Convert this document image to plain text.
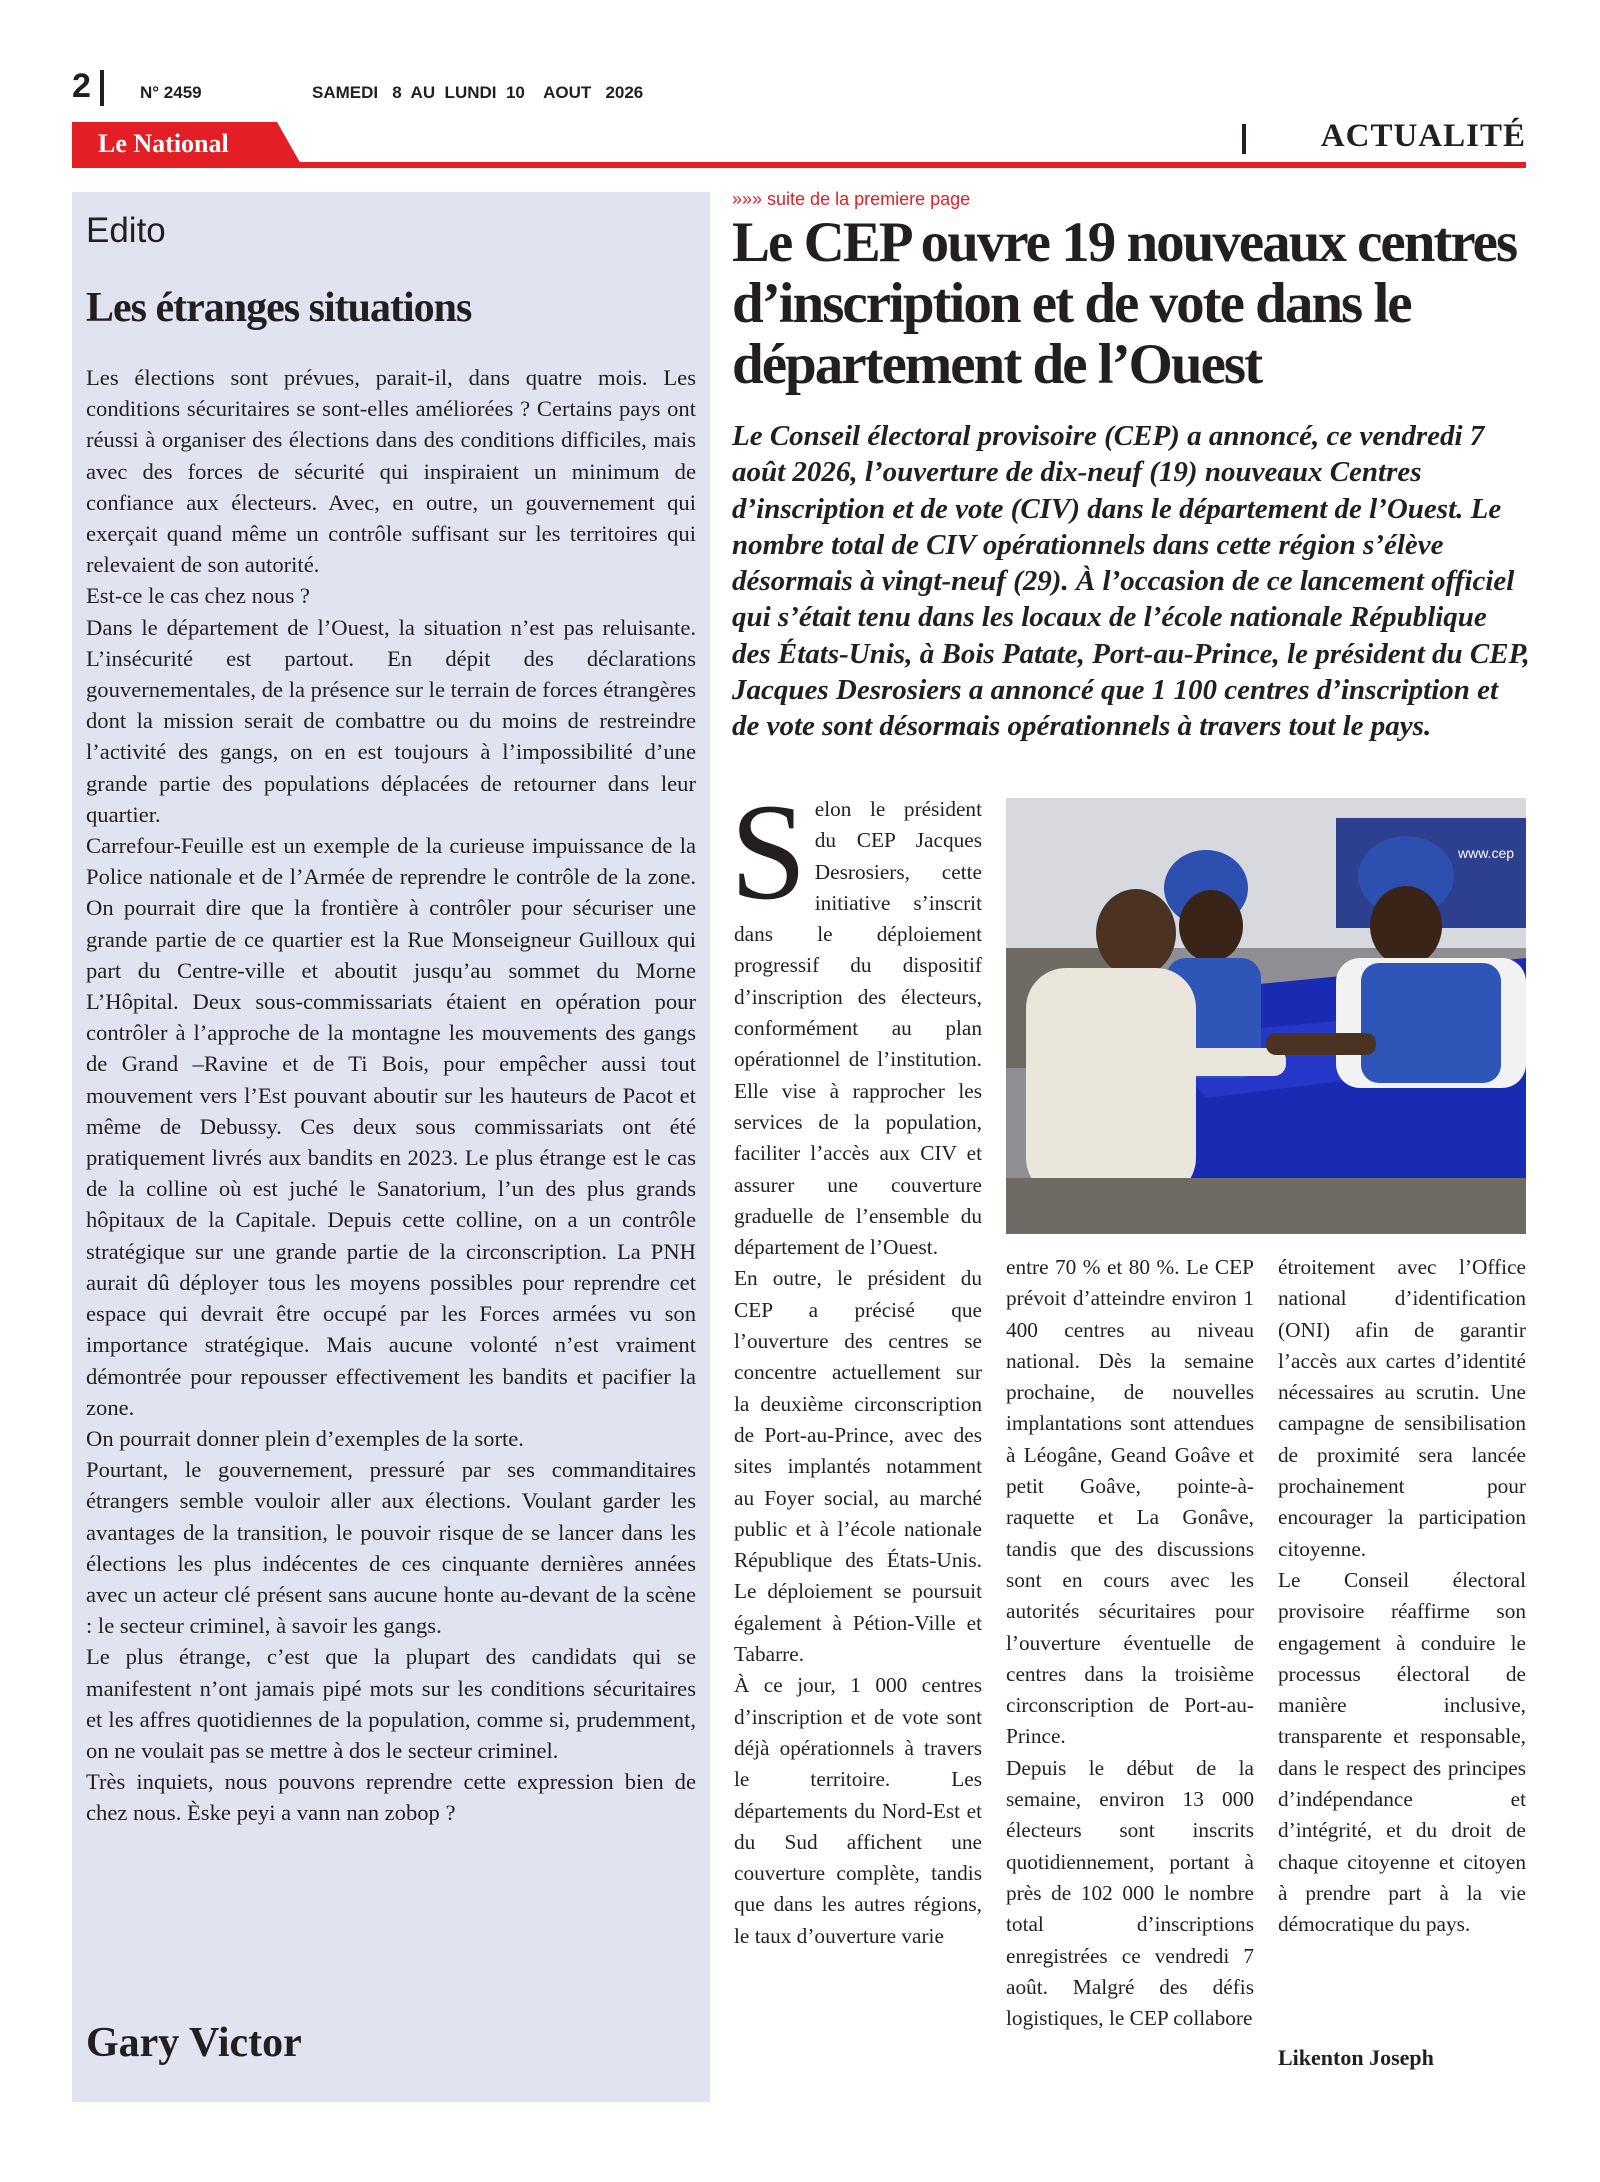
2	N° 2459	SAMEDI   8  AU  LUNDI  10    AOUT   2026
Le National	ACTUALITÉ
Edito
Les étranges situations

Les élections sont prévues, parait-il, dans quatre mois. Les conditions sécuritaires se sont-elles améliorées ? Certains pays ont réussi à organiser des élections dans des conditions difficiles, mais avec des forces de sécurité qui inspiraient un minimum de confiance aux électeurs. Avec, en outre, un gouvernement qui exerçait quand même un contrôle suffisant sur les territoires qui relevaient de son autorité.

Est-ce le cas chez nous ?

Dans le département de l’Ouest, la situation n’est pas reluisante. L’insécurité est partout. En dépit des déclarations gouvernementales, de la présence sur le terrain de forces étrangères dont la mission serait de combattre ou du moins de restreindre l’activité des gangs, on en est toujours à l’impossibilité d’une grande partie des populations déplacées de retourner dans leur quartier.

Carrefour-Feuille est un exemple de la curieuse impuissance de la Police nationale et de l’Armée de reprendre le contrôle de la zone. On pourrait dire que la frontière à contrôler pour sécuriser une grande partie de ce quartier est la Rue Monseigneur Guilloux qui part du Centre-ville et aboutit jusqu’au sommet du Morne L’Hôpital. Deux sous-commissariats étaient en opération pour contrôler à l’approche de la montagne les mouvements des gangs de Grand –Ravine et de Ti Bois, pour empêcher aussi tout mouvement vers l’Est pouvant aboutir sur les hauteurs de Pacot et même de Debussy. Ces deux sous commissariats ont été pratiquement livrés aux bandits en 2023. Le plus étrange est le cas de la colline où est juché le Sanatorium, l’un des plus grands hôpitaux de la Capitale. Depuis cette colline, on a un contrôle stratégique sur une grande partie de la circonscription. La PNH aurait dû déployer tous les moyens possibles pour reprendre cet espace qui devrait être occupé par les Forces armées vu son importance stratégique. Mais aucune volonté n’est vraiment démontrée pour repousser effectivement les bandits et pacifier la zone.

On pourrait donner plein d’exemples de la sorte.

Pourtant, le gouvernement, pressuré par ses commanditaires étrangers semble vouloir aller aux élections. Voulant garder les avantages de la transition, le pouvoir risque de se lancer dans les élections les plus indécentes de ces cinquante dernières années avec un acteur clé présent sans aucune honte au-devant de la scène : le secteur criminel, à savoir les gangs.

Le plus étrange, c’est que la plupart des candidats qui se manifestent n’ont jamais pipé mots sur les conditions sécuritaires et les affres quotidiennes de la population, comme si, prudemment, on ne voulait pas se mettre à dos le secteur criminel.

Très inquiets, nous pouvons reprendre cette expression bien de chez nous. Èske peyi a vann nan zobop ?

Gary Victor
»»» suite de la premiere page
Le CEP ouvre 19 nouveaux centres d’inscription et de vote dans le département de l’Ouest
Le Conseil électoral provisoire (CEP) a annoncé, ce vendredi 7 août 2026, l’ouverture de dix-neuf (19) nouveaux Centres d’inscription et de vote (CIV) dans le département de l’Ouest. Le nombre total de CIV opérationnels dans cette région s’élève désormais à vingt-neuf (29). À l’occasion de ce lancement officiel qui s’était tenu dans les locaux de l’école nationale République des États-Unis, à Bois Patate, Port-au-Prince, le président du CEP, Jacques Desrosiers a annoncé que 1 100 centres d’inscription et de vote sont désormais opérationnels à travers tout le pays.

Selon le président du CEP Jacques Desrosiers, cette initiative s’inscrit dans le déploiement progressif du dispositif d’inscription des électeurs, conformément au plan opérationnel de l’institution. Elle vise à rapprocher les services de la population, faciliter l’accès aux CIV et assurer une couverture graduelle de l’ensemble du département de l’Ouest.

En outre, le président du CEP a précisé que l’ouverture des centres se concentre actuellement sur la deuxième circonscription de Port-au-Prince, avec des sites implantés notamment au Foyer social, au marché public et à l’école nationale République des États-Unis. Le déploiement se poursuit également à Pétion-Ville et Tabarre.

À ce jour, 1 000 centres d’inscription et de vote sont déjà opérationnels à travers le territoire. Les départements du Nord-Est et du Sud affichent une couverture complète, tandis que dans les autres régions, le taux d’ouverture varie

www.cep

entre 70 % et 80 %. Le CEP prévoit d’atteindre environ 1 400 centres au niveau national. Dès la semaine prochaine, de nouvelles implantations sont attendues à Léogâne, Geand Goâve et petit Goâve, pointe-à-raquette et La Gonâve, tandis que des discussions sont en cours avec les autorités sécuritaires pour l’ouverture éventuelle de centres dans la troisième circonscription de Port-au-Prince.

Depuis le début de la semaine, environ 13 000 électeurs sont inscrits quotidiennement, portant à près de 102 000 le nombre total d’inscriptions enregistrées ce vendredi 7 août. Malgré des défis logistiques, le CEP collabore

étroitement avec l’Office national d’identification (ONI) afin de garantir l’accès aux cartes d’identité nécessaires au scrutin. Une campagne de sensibilisation de proximité sera lancée prochainement pour encourager la participation citoyenne.

Le Conseil électoral provisoire réaffirme son engagement à conduire le processus électoral de manière inclusive, transparente et responsable, dans le respect des principes d’indépendance et d’intégrité, et du droit de chaque citoyenne et citoyen à prendre part à la vie démocratique du pays.

Likenton Joseph
